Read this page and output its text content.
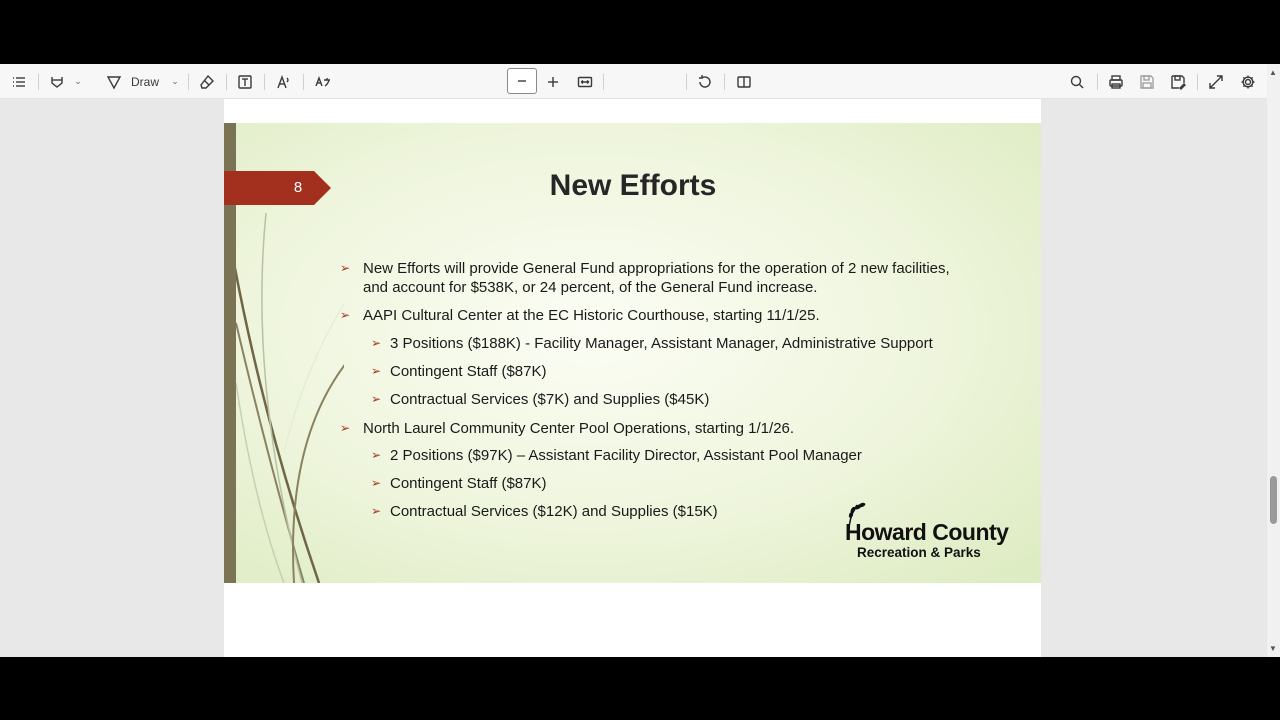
⌄	Draw ⌄
8
8	New Efforts
➢ New Efforts will provide General Fund appropriations for the operation of 2 new facilities,
and account for $538K, or 24 percent, of the General Fund increase.
➢ AAPI Cultural Center at the EC Historic Courthouse, starting 11/1/25.
➢ 3 Positions ($188K) - Facility Manager, Assistant Manager, Administrative Support
➢ Contingent Staff ($87K)
➢ Contractual Services ($7K) and Supplies ($45K)
➢ North Laurel Community Center Pool Operations, starting 1/1/26.
➢ 2 Positions ($97K) – Assistant Facility Director, Assistant Pool Manager
➢ Contingent Staff ($87K)
➢ Contractual Services ($12K) and Supplies ($15K)
Howard County
Recreation & Parks
▲
▼
